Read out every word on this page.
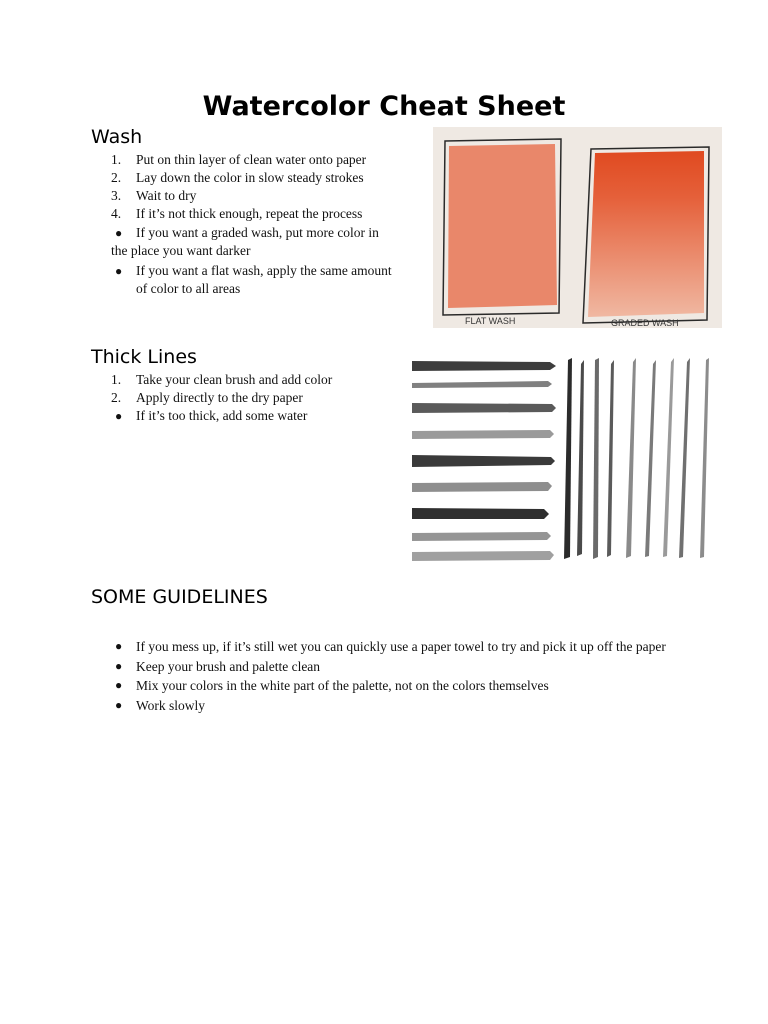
Watercolor Cheat Sheet
Wash
1. Put on thin layer of clean water onto paper
2. Lay down the color in slow steady strokes
3. Wait to dry
4. If it’s not thick enough, repeat the process
● If you want a graded wash, put more color in
the place you want darker
● If you want a flat wash, apply the same amount
of color to all areas
FLAT WASH	GRADED WASH
Thick Lines
1. Take your clean brush and add color
2. Apply directly to the dry paper
● If it’s too thick, add some water
SOME GUIDELINES
● If you mess up, if it’s still wet you can quickly use a paper towel to try and pick it up off the paper
● Keep your brush and palette clean
● Mix your colors in the white part of the palette, not on the colors themselves
● Work slowly
